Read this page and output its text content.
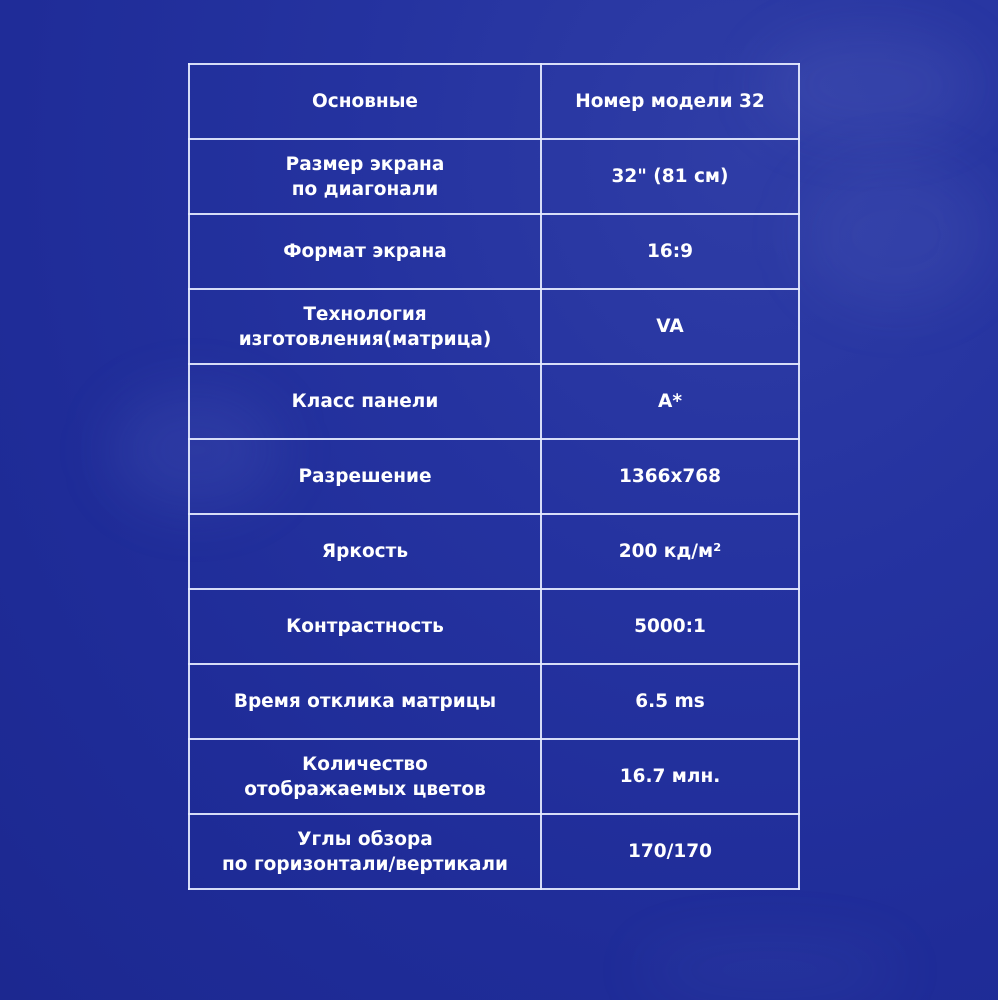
Основные	Номер модели 32
Размер экрана
по диагонали	32" (81 см)
Формат экрана	16:9
Технология
изготовления(матрица)	VA
Класс панели	A*
Разрешение	1366x768
Яркость	200 кд/м²
Контрастность	5000:1
Время отклика матрицы	6.5 ms
Количество
отображаемых цветов	16.7 млн.
Углы обзора
по горизонтали/вертикали	170/170
